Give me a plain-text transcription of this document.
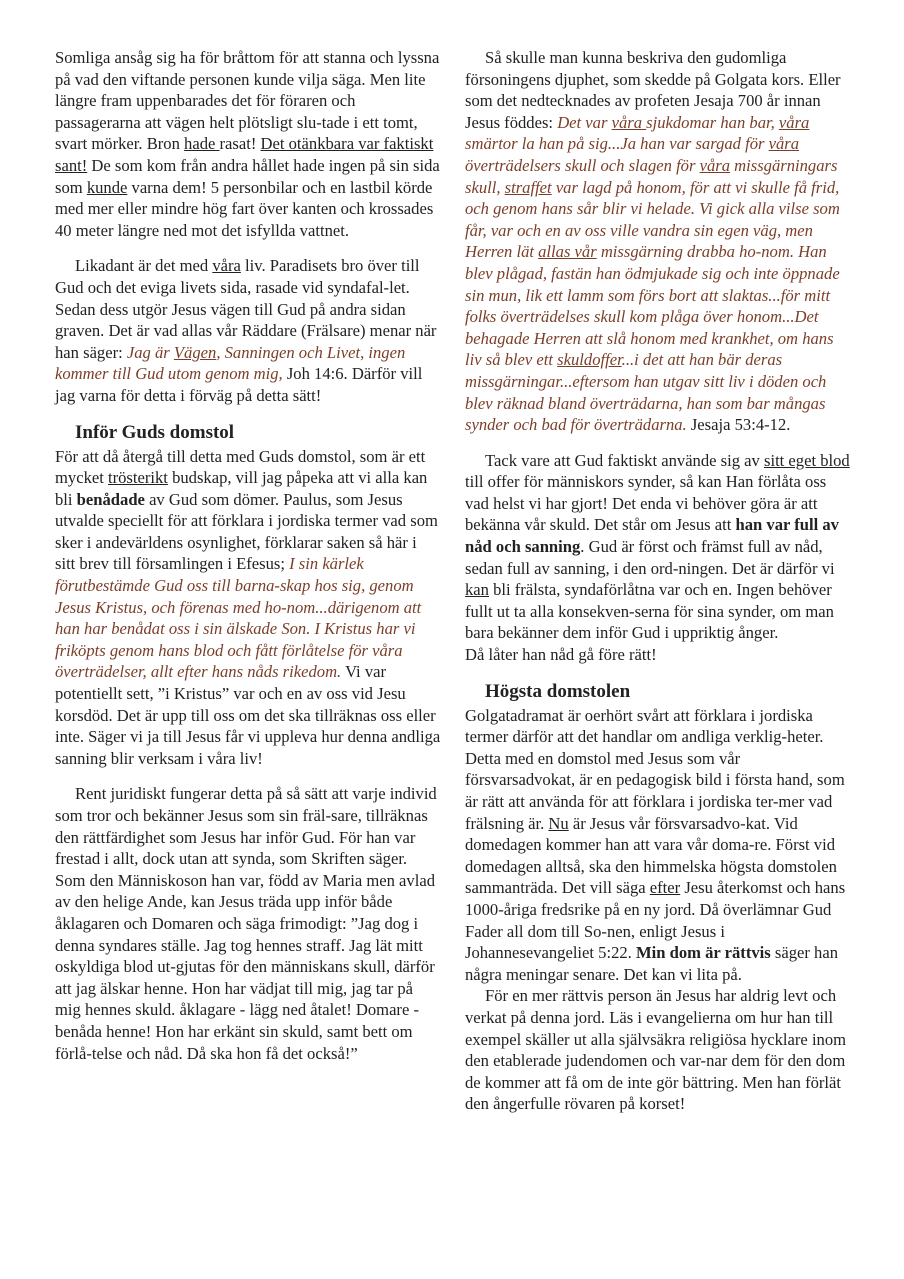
Somliga ansåg sig ha för bråttom för att stanna och lyssna på vad den viftande personen kunde vilja säga. Men lite längre fram uppenbarades det för föraren och passagerarna att vägen helt plötsligt slu-tade i ett tomt, svart mörker. Bron hade rasat! Det otänkbara var faktiskt sant! De som kom från andra hållet hade ingen på sin sida som kunde varna dem! 5 personbilar och en lastbil körde med mer eller mindre hög fart över kanten och krossades 40 meter längre ned mot det isfyllda vattnet.

Likadant är det med våra liv. Paradisets bro över till Gud och det eviga livets sida, rasade vid syndafal-let. Sedan dess utgör Jesus vägen till Gud på andra sidan graven. Det är vad allas vår Räddare (Frälsare) menar när han säger: Jag är Vägen, Sanningen och Livet, ingen kommer till Gud utom genom mig, Joh 14:6. Därför vill jag varna för detta i förväg på detta sätt!

Inför Guds domstol

För att då återgå till detta med Guds domstol, som är ett mycket trösterikt budskap, vill jag påpeka att vi alla kan bli benådade av Gud som dömer. Paulus, som Jesus utvalde speciellt för att förklara i jordiska termer vad som sker i andevärldens osynlighet, förklarar saken så här i sitt brev till församlingen i Efesus; I sin kärlek förutbestämde Gud oss till barna-skap hos sig, genom Jesus Kristus, och förenas med ho-nom...därigenom att han har benådat oss i sin älskade Son. I Kristus har vi friköpts genom hans blod och fått förlåtelse för våra överträdelser, allt efter hans nåds rikedom. Vi var potentiellt sett, ”i Kristus” var och en av oss vid Jesu korsdöd. Det är upp till oss om det ska tillräknas oss eller inte. Säger vi ja till Jesus får vi uppleva hur denna andliga sanning blir verksam i våra liv!

Rent juridiskt fungerar detta på så sätt att varje individ som tror och bekänner Jesus som sin fräl-sare, tillräknas den rättfärdighet som Jesus har inför Gud. För han var frestad i allt, dock utan att synda, som Skriften säger. Som den Människoson han var, född av Maria men avlad av den helige Ande, kan Jesus träda upp inför både åklagaren och Domaren och säga frimodigt: ”Jag dog i denna syndares ställe. Jag tog hennes straff. Jag lät mitt oskyldiga blod ut-gjutas för den människans skull, därför att jag älskar henne. Hon har vädjat till mig, jag tar på mig hennes skuld. åklagare - lägg ned åtalet! Domare - benåda henne! Hon har erkänt sin skuld, samt bett om förlå-telse och nåd. Då ska hon få det också!”

Så skulle man kunna beskriva den gudomliga försoningens djuphet, som skedde på Golgata kors. Eller som det nedtecknades av profeten Jesaja 700 år innan Jesus föddes: Det var våra sjukdomar han bar, våra smärtor la han på sig...Ja han var sargad för våra överträdelsers skull och slagen för våra missgärningars skull, straffet var lagd på honom, för att vi skulle få frid, och genom hans sår blir vi helade. Vi gick alla vilse som får, var och en av oss ville vandra sin egen väg, men Herren lät allas vår missgärning drabba ho-nom. Han blev plågad, fastän han ödmjukade sig och inte öppnade sin mun, lik ett lamm som förs bort att slaktas...för mitt folks överträdelses skull kom plåga över honom...Det behagade Herren att slå honom med krankhet, om hans liv så blev ett skuldoffer...i det att han bär deras missgärningar...eftersom han utgav sitt liv i döden och blev räknad bland överträdarna, han som bar mångas synder och bad för överträdarna. Jesaja 53:4-12.

Tack vare att Gud faktiskt använde sig av sitt eget blod till offer för människors synder, så kan Han förlåta oss vad helst vi har gjort! Det enda vi behöver göra är att bekänna vår skuld. Det står om Jesus att han var full av nåd och sanning. Gud är först och främst full av nåd, sedan full av sanning, i den ord-ningen. Det är därför vi kan bli frälsta, syndaförlåtna var och en. Ingen behöver fullt ut ta alla konsekven-serna för sina synder, om man bara bekänner dem inför Gud i uppriktig ånger.

Då låter han nåd gå före rätt!

Högsta domstolen

Golgatadramat är oerhört svårt att förklara i jordiska termer därför att det handlar om andliga verklig-heter. Detta med en domstol med Jesus som vår försvarsadvokat, är en pedagogisk bild i första hand, som är rätt att använda för att förklara i jordiska ter-mer vad frälsning är. Nu är Jesus vår försvarsadvo-kat. Vid domedagen kommer han att vara vår doma-re. Först vid domedagen alltså, ska den himmelska högsta domstolen sammanträda. Det vill säga efter Jesu återkomst och hans 1000-åriga fredsrike på en ny jord. Då överlämnar Gud Fader all dom till So-nen, enligt Jesus i Johannesevangeliet 5:22. Min dom är rättvis säger han några meningar senare. Det kan vi lita på.

För en mer rättvis person än Jesus har aldrig levt och verkat på denna jord. Läs i evangelierna om hur han till exempel skäller ut alla självsäkra religiösa hycklare inom den etablerade judendomen och var-nar dem för den dom de kommer att få om de inte gör bättring. Men han förlät den ångerfulle rövaren på korset!
